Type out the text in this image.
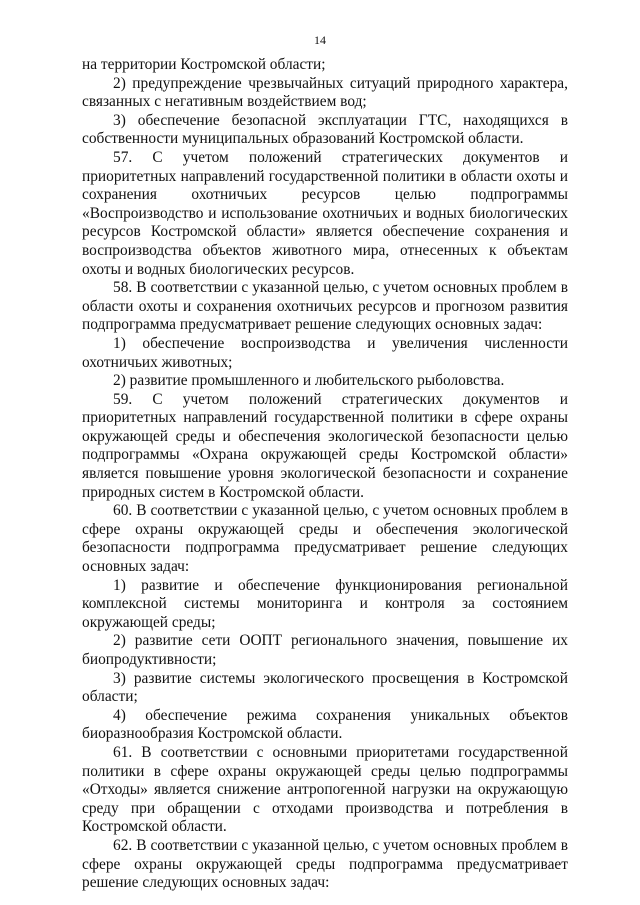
14

на территории Костромской области;

2) предупреждение чрезвычайных ситуаций природного характера, связанных с негативным воздействием вод;

3) обеспечение безопасной эксплуатации ГТС, находящихся в собственности муниципальных образований Костромской области.

57. С учетом положений стратегических документов и приоритетных направлений государственной политики в области охоты и сохранения охотничьих ресурсов целью подпрограммы «Воспроизводство и использование охотничьих и водных биологических ресурсов Костромской области» является обеспечение сохранения и воспроизводства объектов животного мира, отнесенных к объектам охоты и водных биологических ресурсов.

58. В соответствии с указанной целью, с учетом основных проблем в области охоты и сохранения охотничьих ресурсов и прогнозом развития подпрограмма предусматривает решение следующих основных задач:

1) обеспечение воспроизводства и увеличения численности охотничьих животных;

2) развитие промышленного и любительского рыболовства.

59. С учетом положений стратегических документов и приоритетных направлений государственной политики в сфере охраны окружающей среды и обеспечения экологической безопасности целью подпрограммы «Охрана окружающей среды Костромской области» является повышение уровня экологической безопасности и сохранение природных систем в Костромской области.

60. В соответствии с указанной целью, с учетом основных проблем в сфере охраны окружающей среды и обеспечения экологической безопасности подпрограмма предусматривает решение следующих основных задач:

1) развитие и обеспечение функционирования региональной комплексной системы мониторинга и контроля за состоянием окружающей среды;

2) развитие сети ООПТ регионального значения, повышение их биопродуктивности;

3) развитие системы экологического просвещения в Костромской области;

4) обеспечение режима сохранения уникальных объектов биоразнообразия Костромской области.

61. В соответствии с основными приоритетами государственной политики в сфере охраны окружающей среды целью подпрограммы «Отходы» является снижение антропогенной нагрузки на окружающую среду при обращении с отходами производства и потребления в Костромской области.

62. В соответствии с указанной целью, с учетом основных проблем в сфере охраны окружающей среды подпрограмма предусматривает решение следующих основных задач:
